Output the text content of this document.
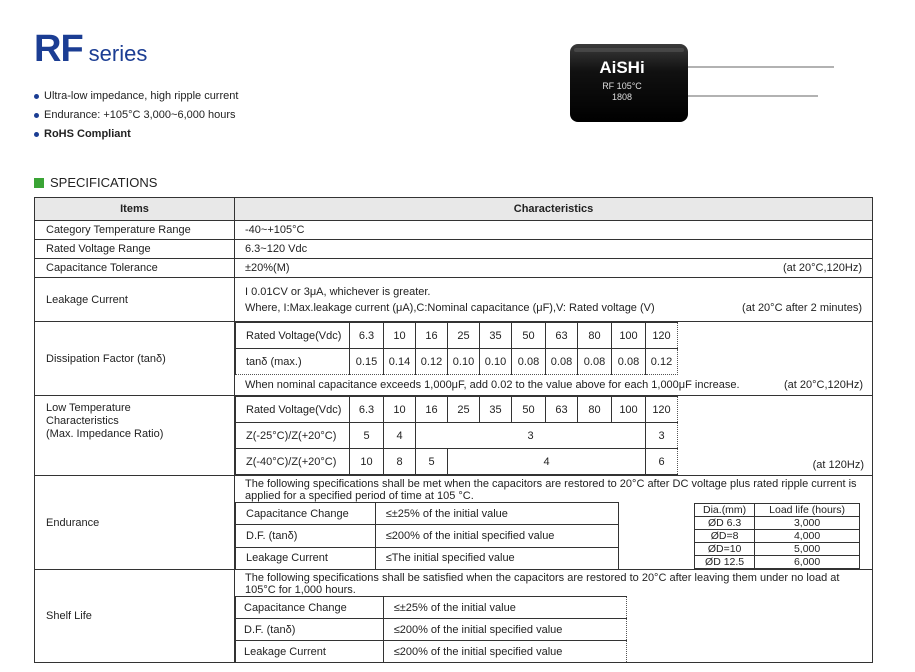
RF series
Ultra-low impedance, high ripple current
Endurance: +105°C 3,000~6,000 hours
RoHS Compliant
AiSHi
RF 105°C
1808
SPECIFICATIONS
Items	Characteristics
Category Temperature Range	-40~+105°C

Rated Voltage Range	6.3~120 Vdc

Capacitance Tolerance	±20%(M)	(at 20°C,120Hz)

Leakage Current	
I 0.01CV or 3μA, whichever is greater.
Where, I:Max.leakage current (μA),C:Nominal capacitance (μF),V: Rated voltage (V)	(at 20°C after 2 minutes)

Dissipation Factor (tanδ)	
Rated Voltage(Vdc)	6.3	10	16	25	35	50	63	80	100	120
tanδ (max.)	0.15	0.14	0.12	0.10	0.10	0.08	0.08	0.08	0.08	0.12
When nominal capacitance exceeds 1,000μF, add 0.02 to the value above for each 1,000μF increase.	(at 20°C,120Hz)

Low Temperature
Characteristics
(Max. Impedance Ratio)

Rated Voltage(Vdc)	6.3	10	16	25	35	50	63	80	100	120
Z(-25°C)/Z(+20°C)	5	4	3	3
Z(-40°C)/Z(+20°C)	10	8	5	4	6	(at 120Hz)

Endurance	
The following specifications shall be met when the capacitors are restored to 20°C after DC voltage plus rated ripple current is applied for a specified period of time at 105 °C.
Capacitance Change	≤±25% of the initial value
D.F. (tanδ)	≤200% of the initial specified value
Leakage Current	≤The initial specified value
Dia.(mm)	Load life (hours)
ØD 6.3	3,000
ØD=8	4,000
ØD=10	5,000
ØD 12.5	6,000

Shelf Life	
The following specifications shall be satisfied when the capacitors are restored to 20°C after leaving them under no load at 105°C for 1,000 hours.
Capacitance Change	≤±25% of the initial value
D.F. (tanδ)	≤200% of the initial specified value
Leakage Current	≤200% of the initial specified value
